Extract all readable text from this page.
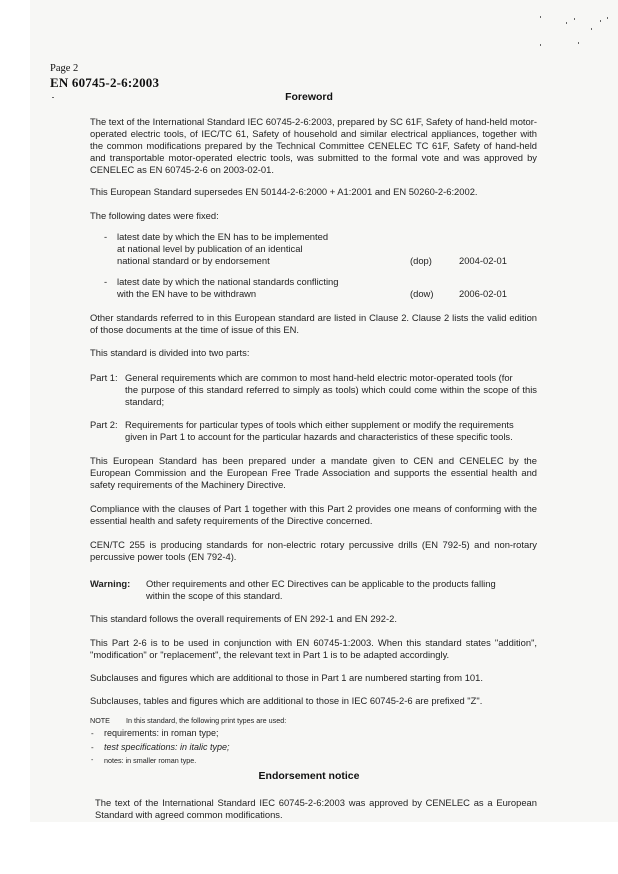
Page 2
EN 60745-2-6:2003
Foreword
The text of the International Standard IEC 60745-2-6:2003, prepared by SC 61F, Safety of hand-held motor-operated electric tools, of IEC/TC 61, Safety of household and similar electrical appliances, together with the common modifications prepared by the Technical Committee CENELEC TC 61F, Safety of hand-held and transportable motor-operated electric tools, was submitted to the formal vote and was approved by CENELEC as EN 60745-2-6 on 2003-02-01.
This European Standard supersedes EN 50144-2-6:2000 + A1:2001 and EN 50260-2-6:2002.
The following dates were fixed:
- latest date by which the EN has to be implemented
at national level by publication of an identical
national standard or by endorsement	(dop)	2004-02-01
- latest date by which the national standards conflicting
with the EN have to be withdrawn	(dow)	2006-02-01
Other standards referred to in this European standard are listed in Clause 2. Clause 2 lists the valid edition of those documents at the time of issue of this EN.
This standard is divided into two parts:
Part 1: General requirements which are common to most hand-held electric motor-operated tools (for
the purpose of this standard referred to simply as tools) which could come within the scope of this standard;
Part 2: Requirements for particular types of tools which either supplement or modify the requirements
given in Part 1 to account for the particular hazards and characteristics of these specific tools.
This European Standard has been prepared under a mandate given to CEN and CENELEC by the European Commission and the European Free Trade Association and supports the essential health and safety requirements of the Machinery Directive.
Compliance with the clauses of Part 1 together with this Part 2 provides one means of conforming with the essential health and safety requirements of the Directive concerned.
CEN/TC 255 is producing standards for non-electric rotary percussive drills (EN 792-5) and non-rotary percussive power tools (EN 792-4).
Warning: Other requirements and other EC Directives can be applicable to the products falling
within the scope of this standard.
This standard follows the overall requirements of EN 292-1 and EN 292-2.
This Part 2-6 is to be used in conjunction with EN 60745-1:2003. When this standard states "addition", "modification" or "replacement", the relevant text in Part 1 is to be adapted accordingly.
Subclauses and figures which are additional to those in Part 1 are numbered starting from 101.
Subclauses, tables and figures which are additional to those in IEC 60745-2-6 are prefixed "Z".
NOTE In this standard, the following print types are used:
- requirements: in roman type;
- test specifications: in italic type;
- notes: in smaller roman type.
Endorsement notice
The text of the International Standard IEC 60745-2-6:2003 was approved by CENELEC as a European Standard with agreed common modifications.
